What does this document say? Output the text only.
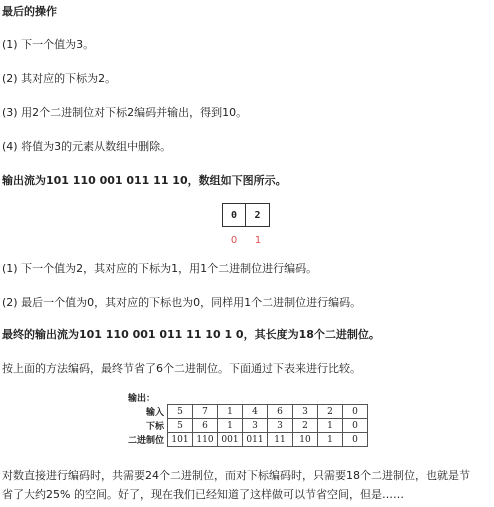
最后的操作
(1) 下一个值为3。
(2) 其对应的下标为2。
(3) 用2个二进制位对下标2编码并输出，得到10。
(4) 将值为3的元素从数组中删除。
输出流为101 110 001 011 11 10，数组如下图所示。
0	2
0	1
(1) 下一个值为2，其对应的下标为1，用1个二进制位进行编码。
(2) 最后一个值为0，其对应的下标也为0，同样用1个二进制位进行编码。
最终的输出流为101 110 001 011 11 10 1 0，其长度为18个二进制位。
按上面的方法编码，最终节省了6个二进制位。下面通过下表来进行比较。
输出：
输入	5	7	1	4	6	3	2	0
下标	5	6	1	3	3	2	1	0
二进制位	101	110	001	011	11	10	1	0
对数直接进行编码时，共需要24个二进制位，而对下标编码时，只需要18个二进制位，也就是节
省了大约25% 的空间。好了，现在我们已经知道了这样做可以节省空间，但是……
